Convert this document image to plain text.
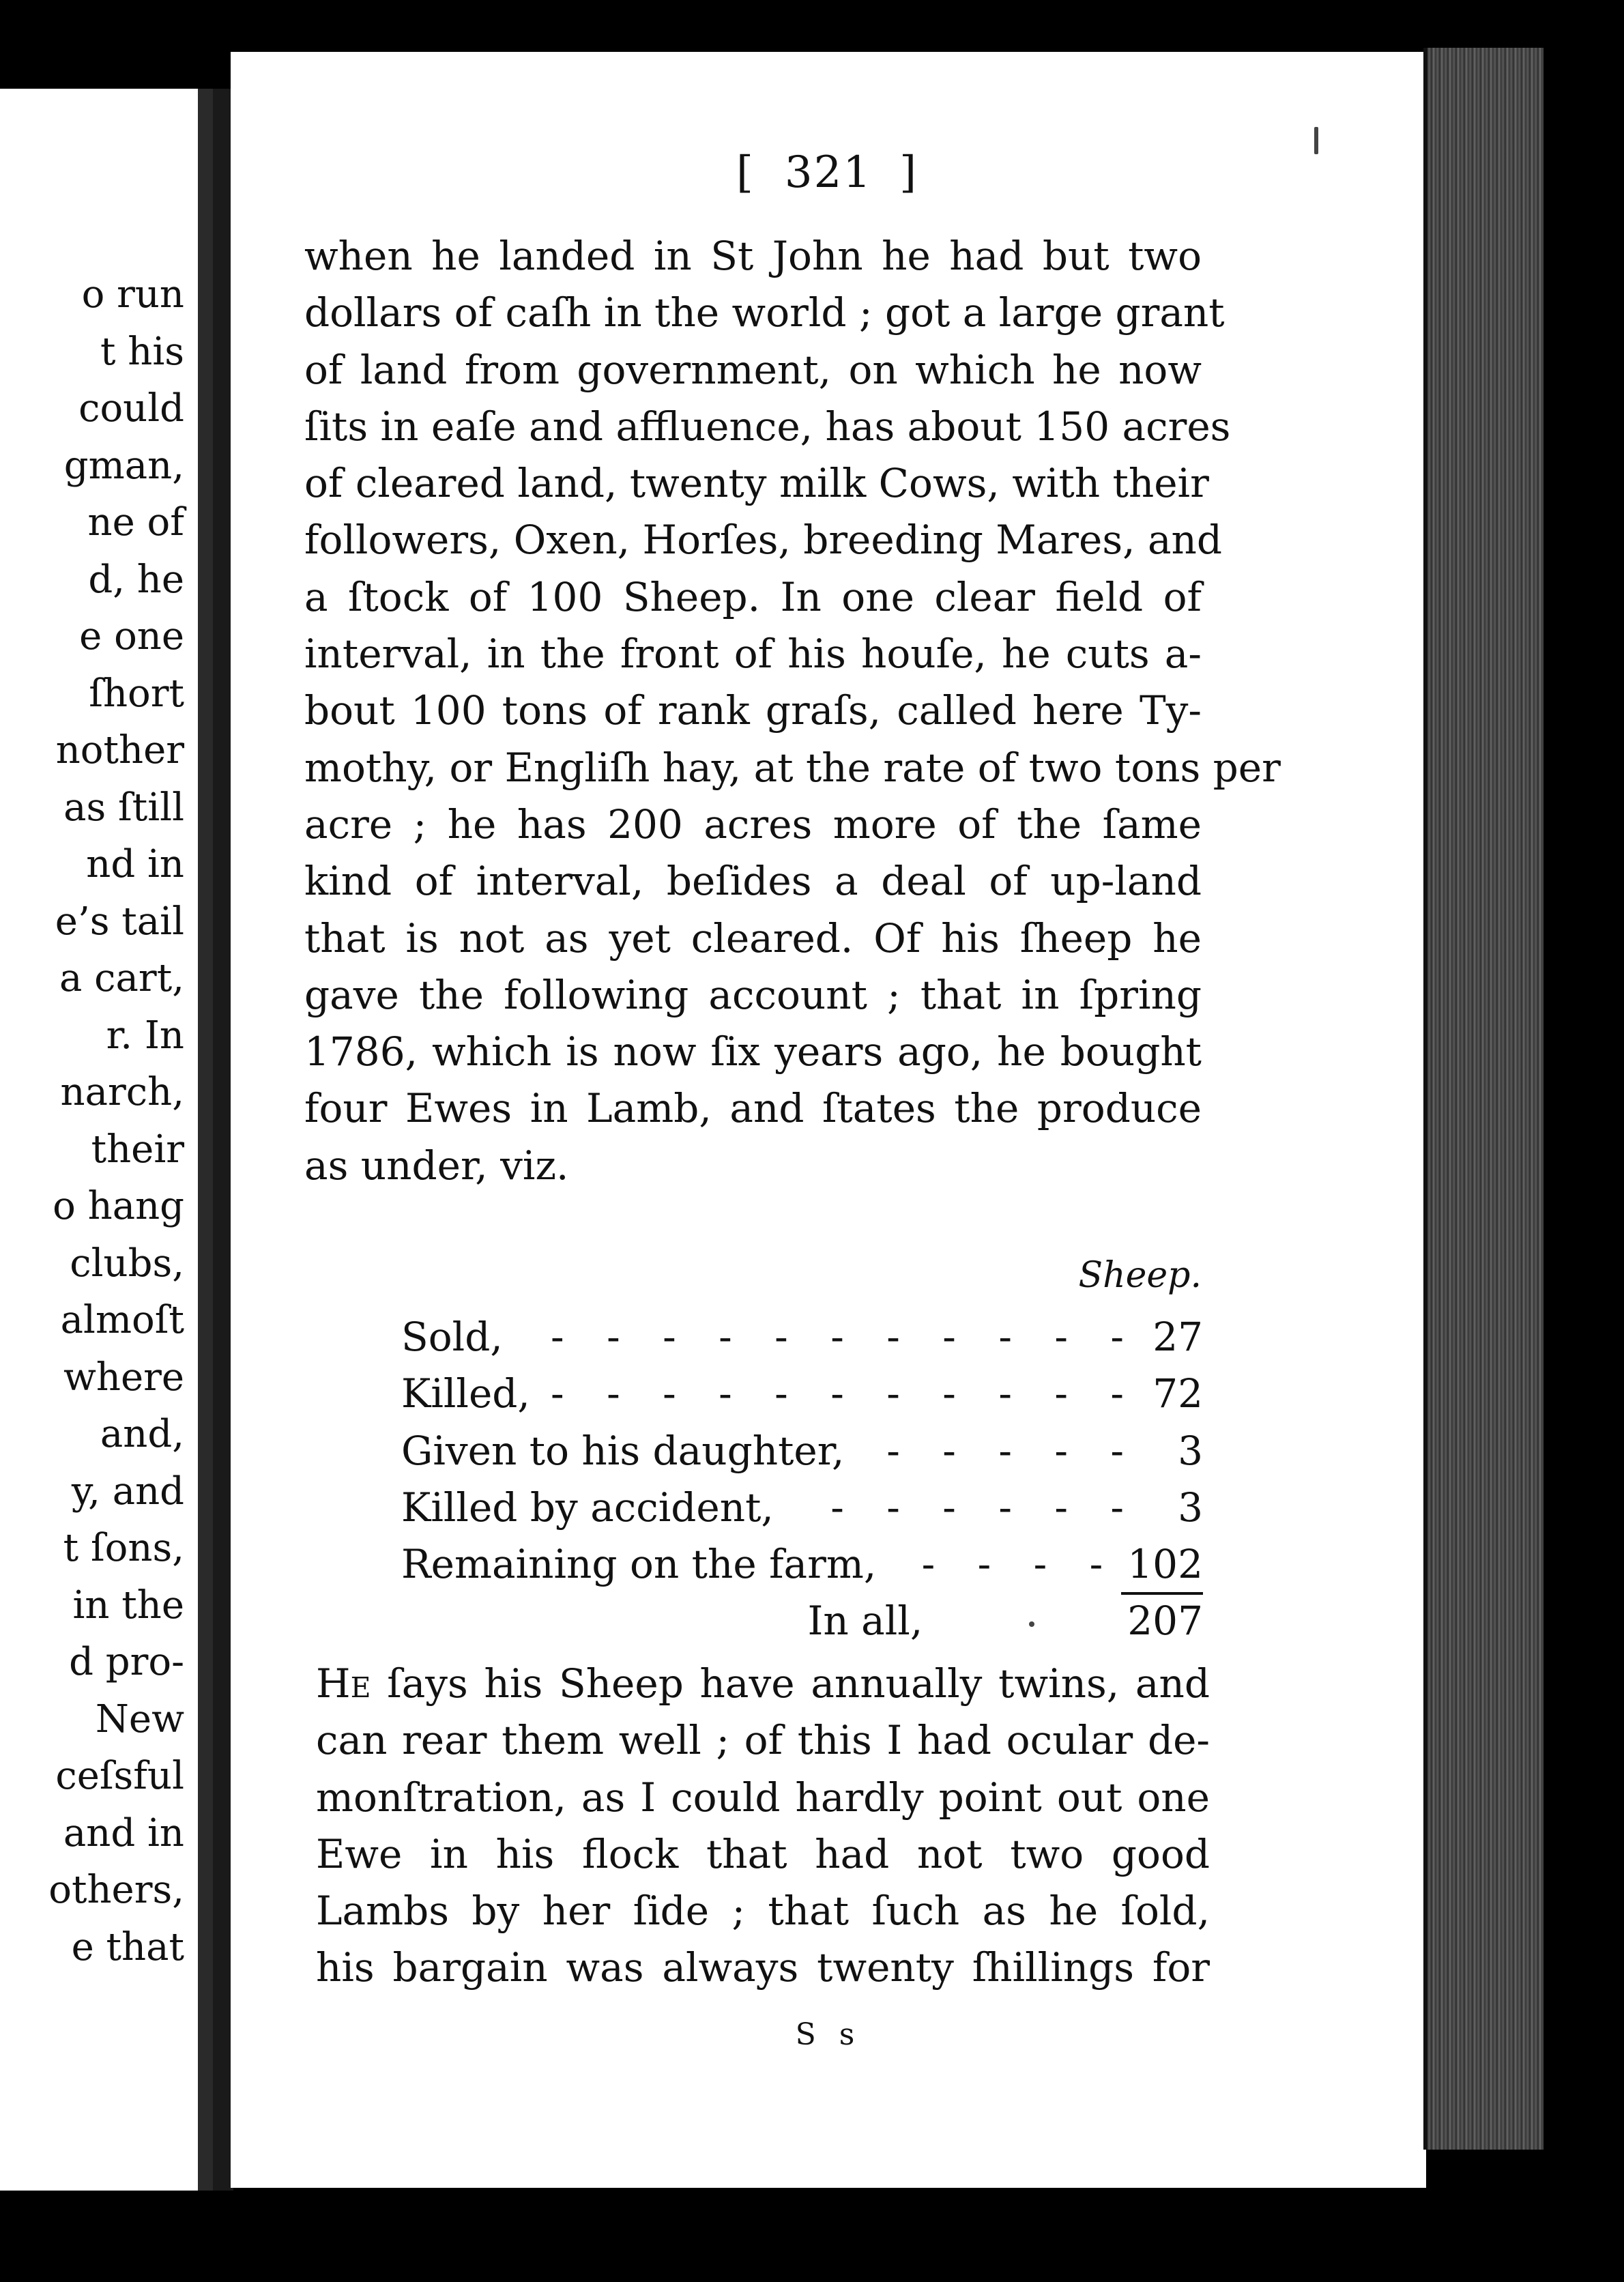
o run
t his
could
gman,
ne of
d, he
e one
ſhort
nother
as ſtill
nd in
e’s tail
a cart,
r. In
narch,
their
o hang
clubs,
almoſt
where
and,
y, and
t ſons,
in the
d pro-
New
ceſsful
and in
others,
e that
[ 321 ]
when he landed in St John he had but two
dollars of caſh in the world ; got a large grant
of land from government, on which he now
ſits in eaſe and affluence, has about 150 acres
of cleared land, twenty milk Cows, with their
followers, Oxen, Horſes, breeding Mares, and
a ſtock of 100 Sheep. In one clear field of
interval, in the front of his houſe, he cuts a-
bout 100 tons of rank graſs, called here Ty-
mothy, or Engliſh hay, at the rate of two tons per
acre ; he has 200 acres more of the ſame
kind of interval, beſides a deal of up-land
that is not as yet cleared. Of his ſheep he
gave the following account ; that in ſpring
1786, which is now ſix years ago, he bought
four Ewes in Lamb, and ſtates the produce
as under, viz.
Sheep.
Sold,	- - - - - - - - - - - 27
Killed, - - - - - - - - - - - 72
Given to his daughter,	- - - - - 3
Killed by accident,	- - - - - - 3
Remaining on the farm,	- - - - 102
In all,	207
He ſays his Sheep have annually twins, and
can rear them well ; of this I had ocular de-
monſtration, as I could hardly point out one
Ewe in his flock that had not two good
Lambs by her ſide ; that ſuch as he ſold,
his bargain was always twenty ſhillings for
S s
